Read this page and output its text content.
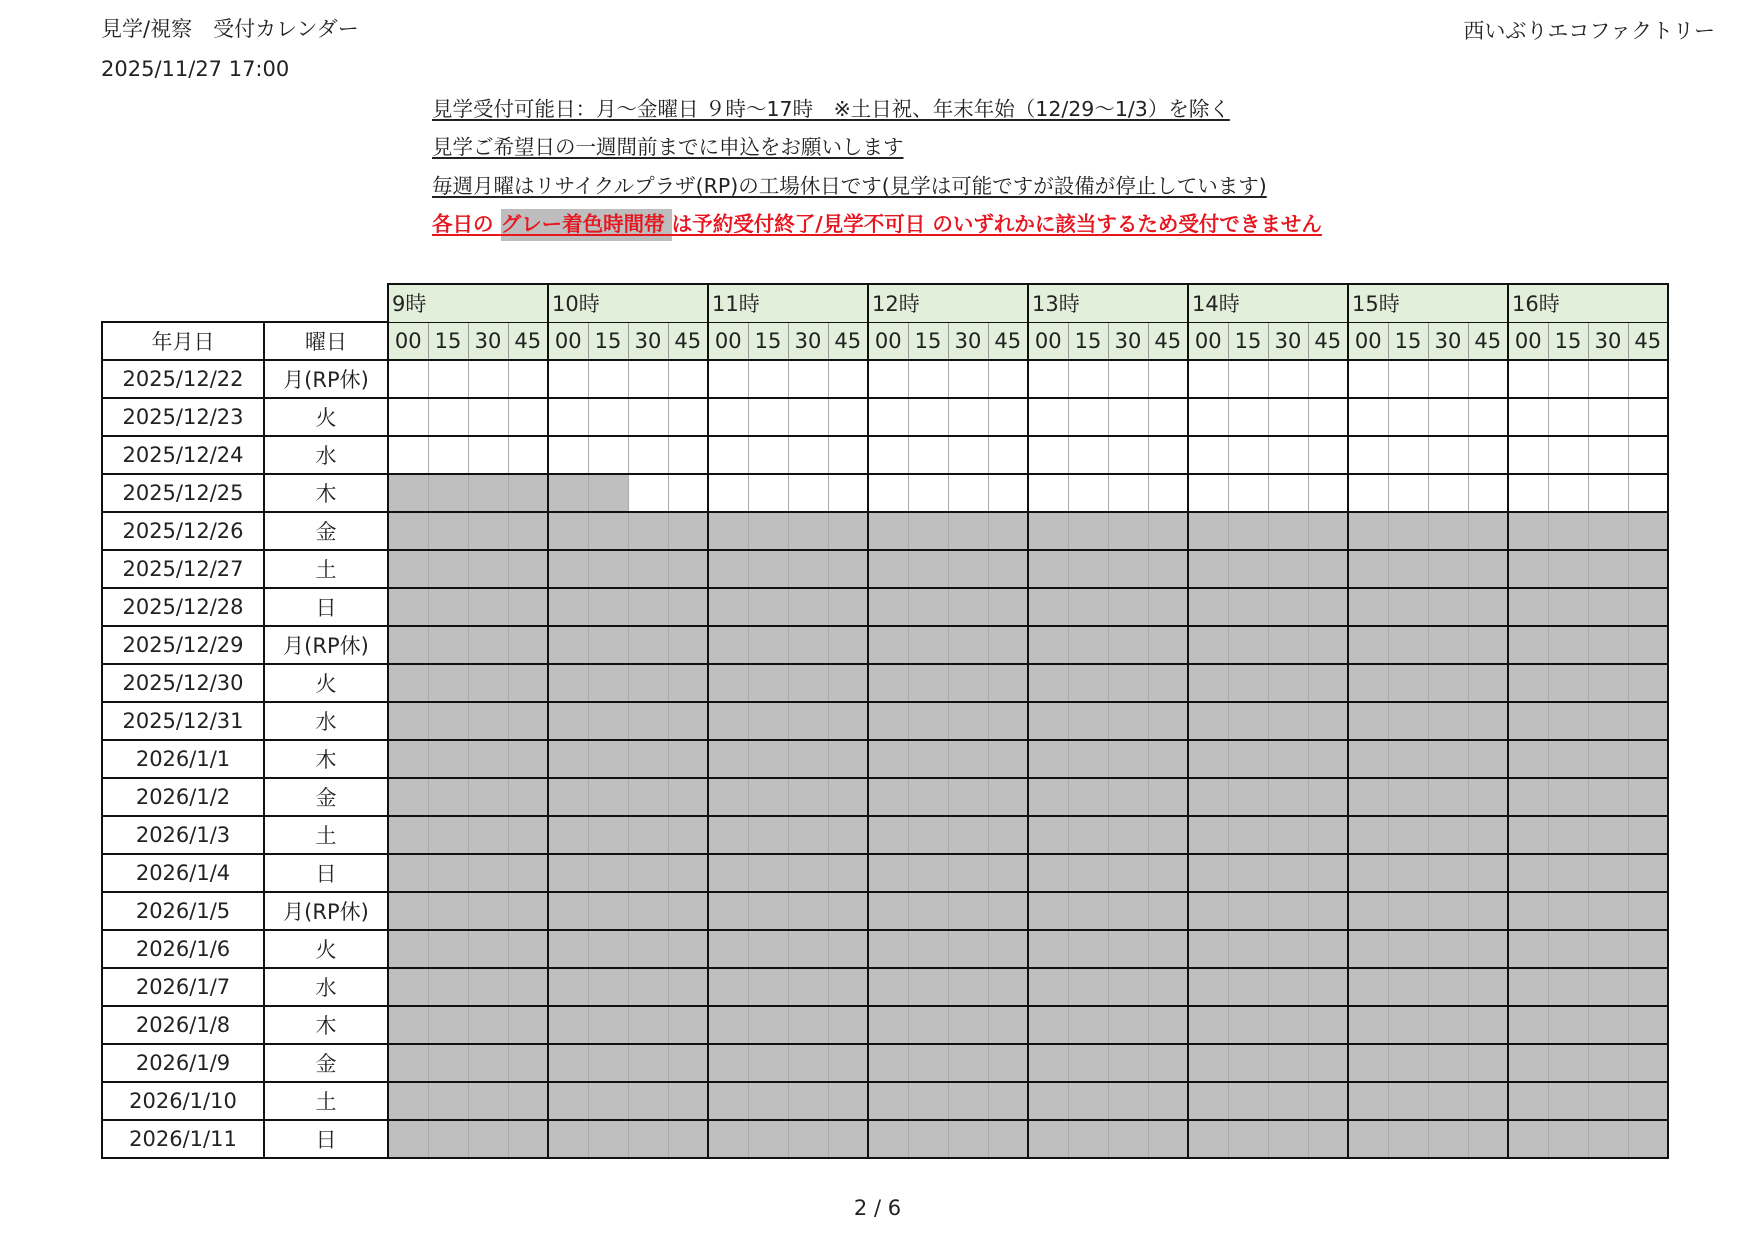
見学/視察　受付カレンダー
2025/11/27 17:00
西いぶりエコファクトリー
見学受付可能日：月～金曜日 ９時～17時　※土日祝、年末年始（12/29～1/3）を除く
見学ご希望日の一週間前までに申込をお願いします
毎週月曜はリサイクルプラザ(RP)の工場休日です(見学は可能ですが設備が停止しています)
各日の グレー着色時間帯 は予約受付終了/見学不可日 のいずれかに該当するため受付できません
		9時				10時				11時				12時				13時				14時				15時				16時			
年月日	曜日	00	15	30	45	00	15	30	45	00	15	30	45	00	15	30	45	00	15	30	45	00	15	30	45	00	15	30	45	00	15	30	45
2025/12/22	月(RP休)																																
2025/12/23	火																																
2025/12/24	水																																
2025/12/25	木																																
2025/12/26	金																																
2025/12/27	土																																
2025/12/28	日																																
2025/12/29	月(RP休)																																
2025/12/30	火																																
2025/12/31	水																																
2026/1/1	木																																
2026/1/2	金																																
2026/1/3	土																																
2026/1/4	日																																
2026/1/5	月(RP休)																																
2026/1/6	火																																
2026/1/7	水																																
2026/1/8	木																																
2026/1/9	金																																
2026/1/10	土																																
2026/1/11	日																																
2 / 6
